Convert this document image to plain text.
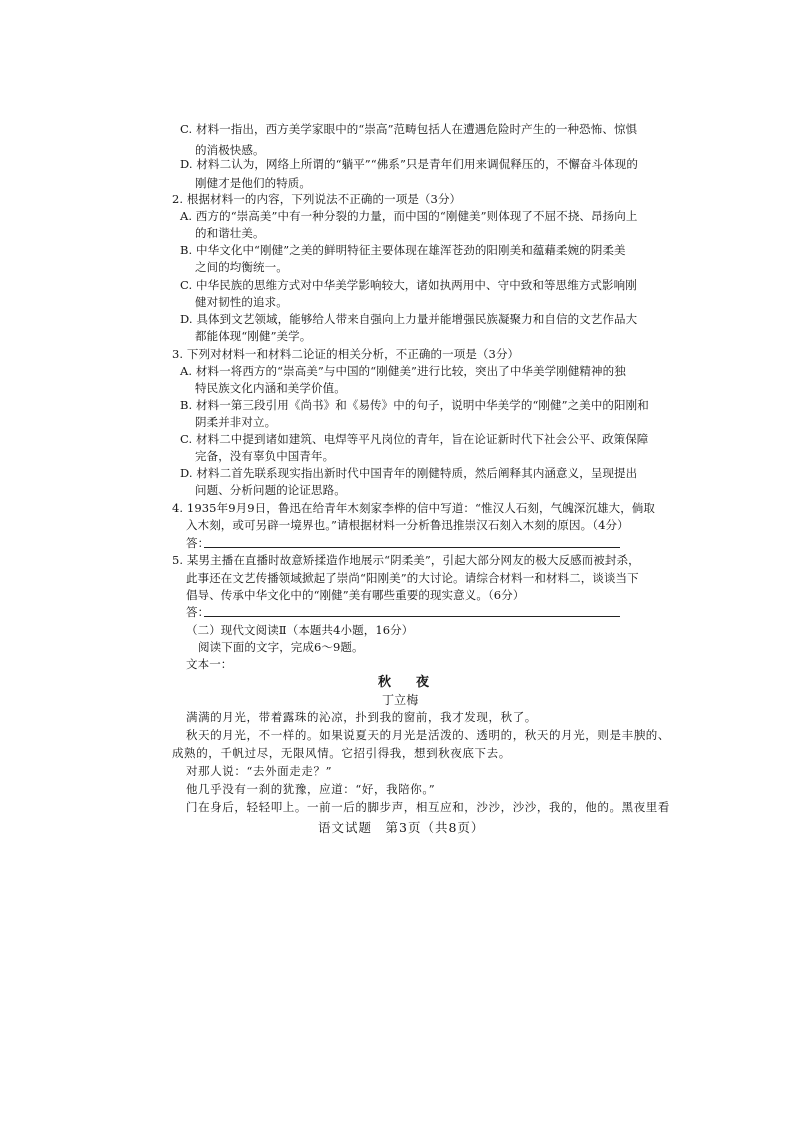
C. 材料一指出，西方美学家眼中的“崇高”范畴包括人在遭遇危险时产生的一种恐怖、惊惧
的消极快感。
D. 材料二认为，网络上所谓的“躺平”“佛系”只是青年们用来调侃释压的，不懈奋斗体现的
刚健才是他们的特质。
2. 根据材料一的内容，下列说法不正确的一项是（3分）
A. 西方的“崇高美”中有一种分裂的力量，而中国的“刚健美”则体现了不屈不挠、昂扬向上
的和谐壮美。
B. 中华文化中“刚健”之美的鲜明特征主要体现在雄浑苍劲的阳刚美和蕴藉柔婉的阴柔美
之间的均衡统一。
C. 中华民族的思维方式对中华美学影响较大，诸如执两用中、守中致和等思维方式影响刚
健对韧性的追求。
D. 具体到文艺领域，能够给人带来自强向上力量并能增强民族凝聚力和自信的文艺作品大
都能体现“刚健”美学。
3. 下列对材料一和材料二论证的相关分析，不正确的一项是（3分）
A. 材料一将西方的“崇高美”与中国的“刚健美”进行比较，突出了中华美学刚健精神的独
特民族文化内涵和美学价值。
B. 材料一第三段引用《尚书》和《易传》中的句子，说明中华美学的“刚健”之美中的阳刚和
阴柔并非对立。
C. 材料二中提到诸如建筑、电焊等平凡岗位的青年，旨在论证新时代下社会公平、政策保障
完备，没有辜负中国青年。
D. 材料二首先联系现实指出新时代中国青年的刚健特质，然后阐释其内涵意义，呈现提出
问题、分析问题的论证思路。
4. 1935年9月9日，鲁迅在给青年木刻家李桦的信中写道：“惟汉人石刻，气魄深沉雄大，倘取
入木刻，或可另辟一境界也。”请根据材料一分析鲁迅推崇汉石刻入木刻的原因。（4分）
答：
5. 某男主播在直播时故意矫揉造作地展示“阴柔美”，引起大部分网友的极大反感而被封杀，
此事还在文艺传播领域掀起了崇尚“阳刚美”的大讨论。请综合材料一和材料二，谈谈当下
倡导、传承中华文化中的“刚健”美有哪些重要的现实意义。（6分）
答：
（二）现代文阅读Ⅱ（本题共4小题，16分）
阅读下面的文字，完成6～9题。
文本一：
秋　夜
丁立梅
满满的月光，带着露珠的沁凉，扑到我的窗前，我才发现，秋了。
秋天的月光，不一样的。如果说夏天的月光是活泼的、透明的，秋天的月光，则是丰腴的、
成熟的，千帆过尽，无限风情。它招引得我，想到秋夜底下去。
对那人说：“去外面走走？”
他几乎没有一刹的犹豫，应道：“好，我陪你。”
门在身后，轻轻叩上。一前一后的脚步声，相互应和，沙沙，沙沙，我的，他的。黑夜里看
语文试题　第3页（共8页）
